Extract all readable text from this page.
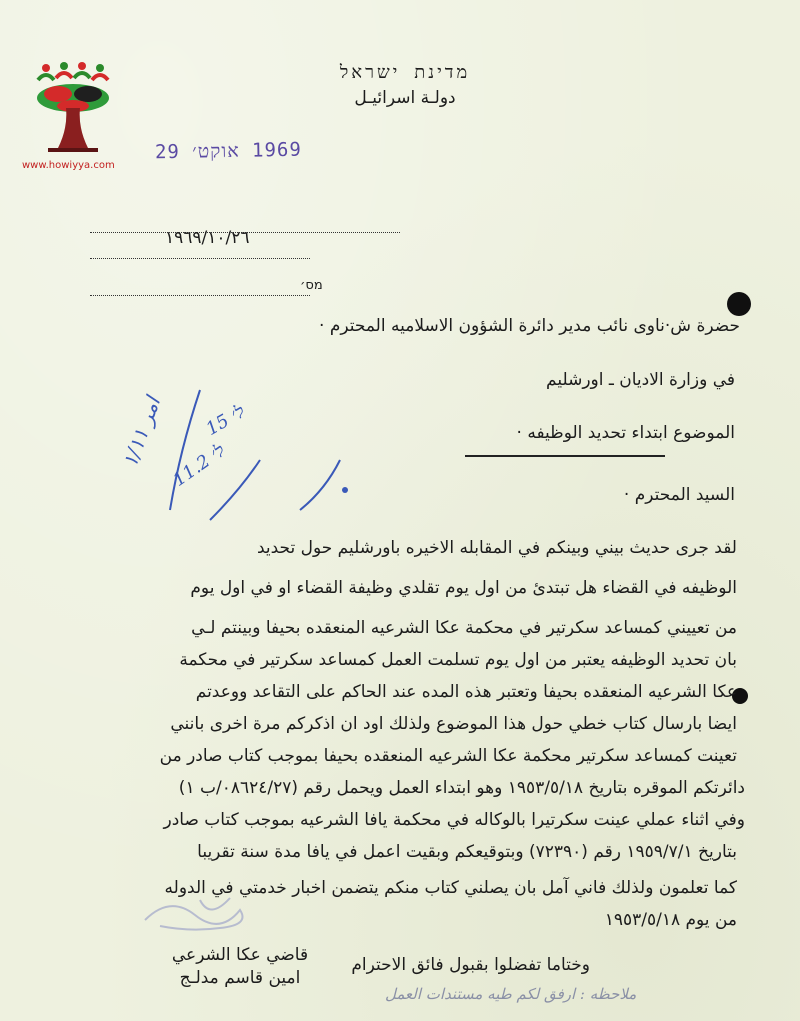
www.howiyya.com
מדינת ישראל
دولـة اسرائيـل
1969 אוקט׳ 29
١٩٦٩/١٠/٢٦
מס׳
حضرة ش·ناوى نائب مدير دائرة الشؤون الاسلاميه المحترم ·
في وزارة الاديان ـ اورشليم
الموضوع ابتداء تحديد الوظيفه ·
السيد المحترم ·
لقد جرى حديث بيني وبينكم في المقابله الاخيره باورشليم حول تحديد
الوظيفه في القضاء هل تبتدئ من اول يوم تقلدي وظيفة القضاء او في اول يوم
من تعييني كمساعد سكرتير في محكمة عكا الشرعيه المنعقده بحيفا وبينتم لـي
بان تحديد الوظيفه يعتبر من اول يوم تسلمت العمل كمساعد سكرتير في محكمة
عكا الشرعيه المنعقده بحيفا وتعتبر هذه المده عند الحاكم على التقاعد ووعدتم
ايضا بارسال كتاب خطي حول هذا الموضوع ولذلك اود ان اذكركم مرة اخرى بانني
تعينت كمساعد سكرتير محكمة عكا الشرعيه المنعقده بحيفا بموجب كتاب صادر من
دائرتكم الموقره بتاريخ ١٩٥٣/٥/١٨ وهو ابتداء العمل ويحمل رقم (٠٨٦٢٤/٢٧/ب ١)
وفي اثناء عملي عينت سكرتيرا بالوكاله في محكمة يافا الشرعيه بموجب كتاب صادر
بتاريخ ١٩٥٩/٧/١ رقم (٧٢٣٩٠) وبتوقيعكم وبقيت اعمل في يافا مدة سنة تقريبا
كما تعلمون ولذلك فاني آمل بان يصلني كتاب منكم يتضمن اخبار خدمتي في الدوله
من يوم ١٩٥٣/٥/١٨
وختاما تفضلوا بقبول فائق الاحترام
قاضي عكا الشرعي
امين قاسم مدلـج
ל׳ 15
ל׳ 11.2
امر ١/١١
ملاحظه : ارفق لكم طيه مستندات العمل
